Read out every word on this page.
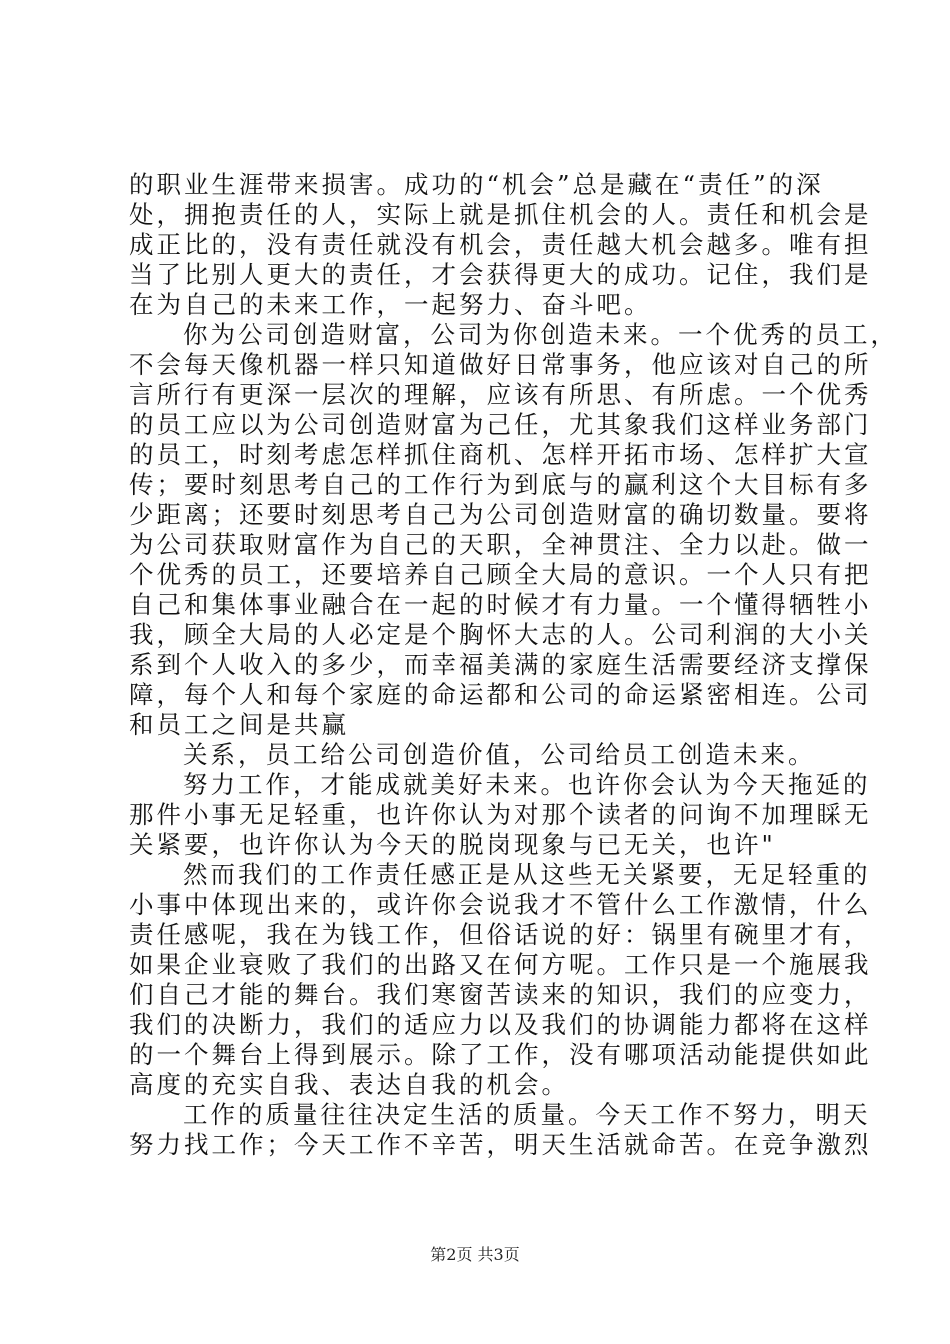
的职业生涯带来损害。成功的“机会”总是藏在“责任”的深
处，拥抱责任的人，实际上就是抓住机会的人。责任和机会是
成正比的，没有责任就没有机会，责任越大机会越多。唯有担
当了比别人更大的责任，才会获得更大的成功。记住，我们是
在为自己的未来工作，一起努力、奋斗吧。
你为公司创造财富，公司为你创造未来。一个优秀的员工，
不会每天像机器一样只知道做好日常事务，他应该对自己的所
言所行有更深一层次的理解，应该有所思、有所虑。一个优秀
的员工应以为公司创造财富为己任，尤其象我们这样业务部门
的员工，时刻考虑怎样抓住商机、怎样开拓市场、怎样扩大宣
传；要时刻思考自己的工作行为到底与的赢利这个大目标有多
少距离；还要时刻思考自己为公司创造财富的确切数量。要将
为公司获取财富作为自己的天职，全神贯注、全力以赴。做一
个优秀的员工，还要培养自己顾全大局的意识。一个人只有把
自己和集体事业融合在一起的时候才有力量。一个懂得牺牲小
我，顾全大局的人必定是个胸怀大志的人。公司利润的大小关
系到个人收入的多少，而幸福美满的家庭生活需要经济支撑保
障，每个人和每个家庭的命运都和公司的命运紧密相连。公司
和员工之间是共赢
关系，员工给公司创造价值，公司给员工创造未来。
努力工作，才能成就美好未来。也许你会认为今天拖延的
那件小事无足轻重，也许你认为对那个读者的问询不加理睬无
关紧要，也许你认为今天的脱岗现象与已无关，也许"
然而我们的工作责任感正是从这些无关紧要，无足轻重的
小事中体现出来的，或许你会说我才不管什么工作激情，什么
责任感呢，我在为钱工作，但俗话说的好：锅里有碗里才有，
如果企业衰败了我们的出路又在何方呢。工作只是一个施展我
们自己才能的舞台。我们寒窗苦读来的知识，我们的应变力，
我们的决断力，我们的适应力以及我们的协调能力都将在这样
的一个舞台上得到展示。除了工作，没有哪项活动能提供如此
高度的充实自我、表达自我的机会。
工作的质量往往决定生活的质量。今天工作不努力，明天
努力找工作；今天工作不辛苦，明天生活就命苦。在竞争激烈
第2页 共3页
